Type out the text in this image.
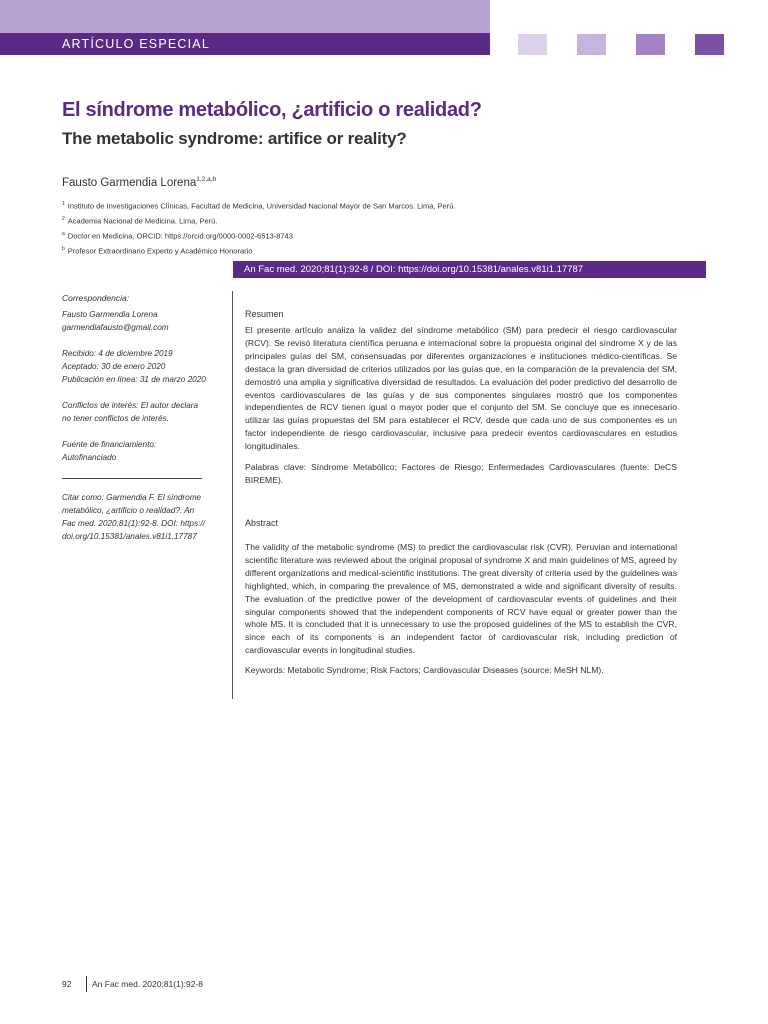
ARTÍCULO ESPECIAL
El síndrome metabólico, ¿artificio o realidad?
The metabolic syndrome: artifice or reality?
Fausto Garmendia Lorena$^{1,2,a,b}$
$^1$ Instituto de Investigaciones Clínicas, Facultad de Medicina, Universidad Nacional Mayor de San Marcos. Lima, Perú.
$^2$ Academia Nacional de Medicina. Lima, Perú.
$^a$ Doctor en Medicina, ORCID: https://orcid.org/0000-0002-6513-8743
$^b$ Profesor Extraordinario Experto y Académico Honorario
An Fac med. 2020;81(1):92-8 / DOI: https://doi.org/10.15381/anales.v81i1.17787
Correspondencia:
Fausto Garmendia Lorena
garmendiafausto@gmail.com
Recibido: 4 de diciembre 2019
Aceptado: 30 de enero 2020
Publicación en línea: 31 de marzo 2020
Conflictos de interés: El autor declara
no tener conflictos de interés.
Fuente de financiamiento:
Autofinanciado
Citar como: Garmendia F. El síndrome
metabólico, ¿artificio o realidad?. An
Fac med. 2020;81(1):92-8. DOI: https://
doi.org/10.15381/anales.v81i1.17787
Resumen
El presente artículo analiza la validez del síndrome metabólico (SM) para predecir el riesgo cardiovascular (RCV). Se revisó literatura científica peruana e internacional sobre la propuesta original del síndrome X y de las principales guías del SM, consensuadas por diferentes organizaciones e instituciones médico-científicas. Se destaca la gran diversidad de criterios utilizados por las guías que, en la comparación de la prevalencia del SM, demostró una amplia y significativa diversidad de resultados. La evaluación del poder predictivo del desarrollo de eventos cardiovasculares de las guías y de sus componentes singulares mostró que los componentes independientes de RCV tienen igual o mayor poder que el conjunto del SM. Se concluye que es innecesario utilizar las guías propuestas del SM para establecer el RCV, desde que cada uno de sus componentes es un factor independiente de riesgo cardiovascular, inclusive para predecir eventos cardiovasculares en estudios longitudinales.
Palabras clave: Síndrome Metabólico; Factores de Riesgo; Enfermedades Cardiovasculares (fuente: DeCS BIREME).
Abstract
The validity of the metabolic syndrome (MS) to predict the cardiovascular risk (CVR). Peruvian and international scientific literature was reviewed about the original proposal of syndrome X and main guidelines of MS, agreed by different organizations and medical-scientific institutions. The great diversity of criteria used by the guidelines was highlighted, which, in comparing the prevalence of MS, demonstrated a wide and significant diversity of results. The evaluation of the predictive power of the development of cardiovascular events of guidelines and their singular components showed that the independent components of RCV have equal or greater power than the whole MS. It is concluded that it is unnecessary to use the proposed guidelines of the MS to establish the CVR, since each of its components is an independent factor of cardiovascular risk, including prediction of cardiovascular events in longitudinal studies.
Keywords: Metabolic Syndrome; Risk Factors; Cardiovascular Diseases (source: MeSH NLM).
92 An Fac med. 2020;81(1):92-8
